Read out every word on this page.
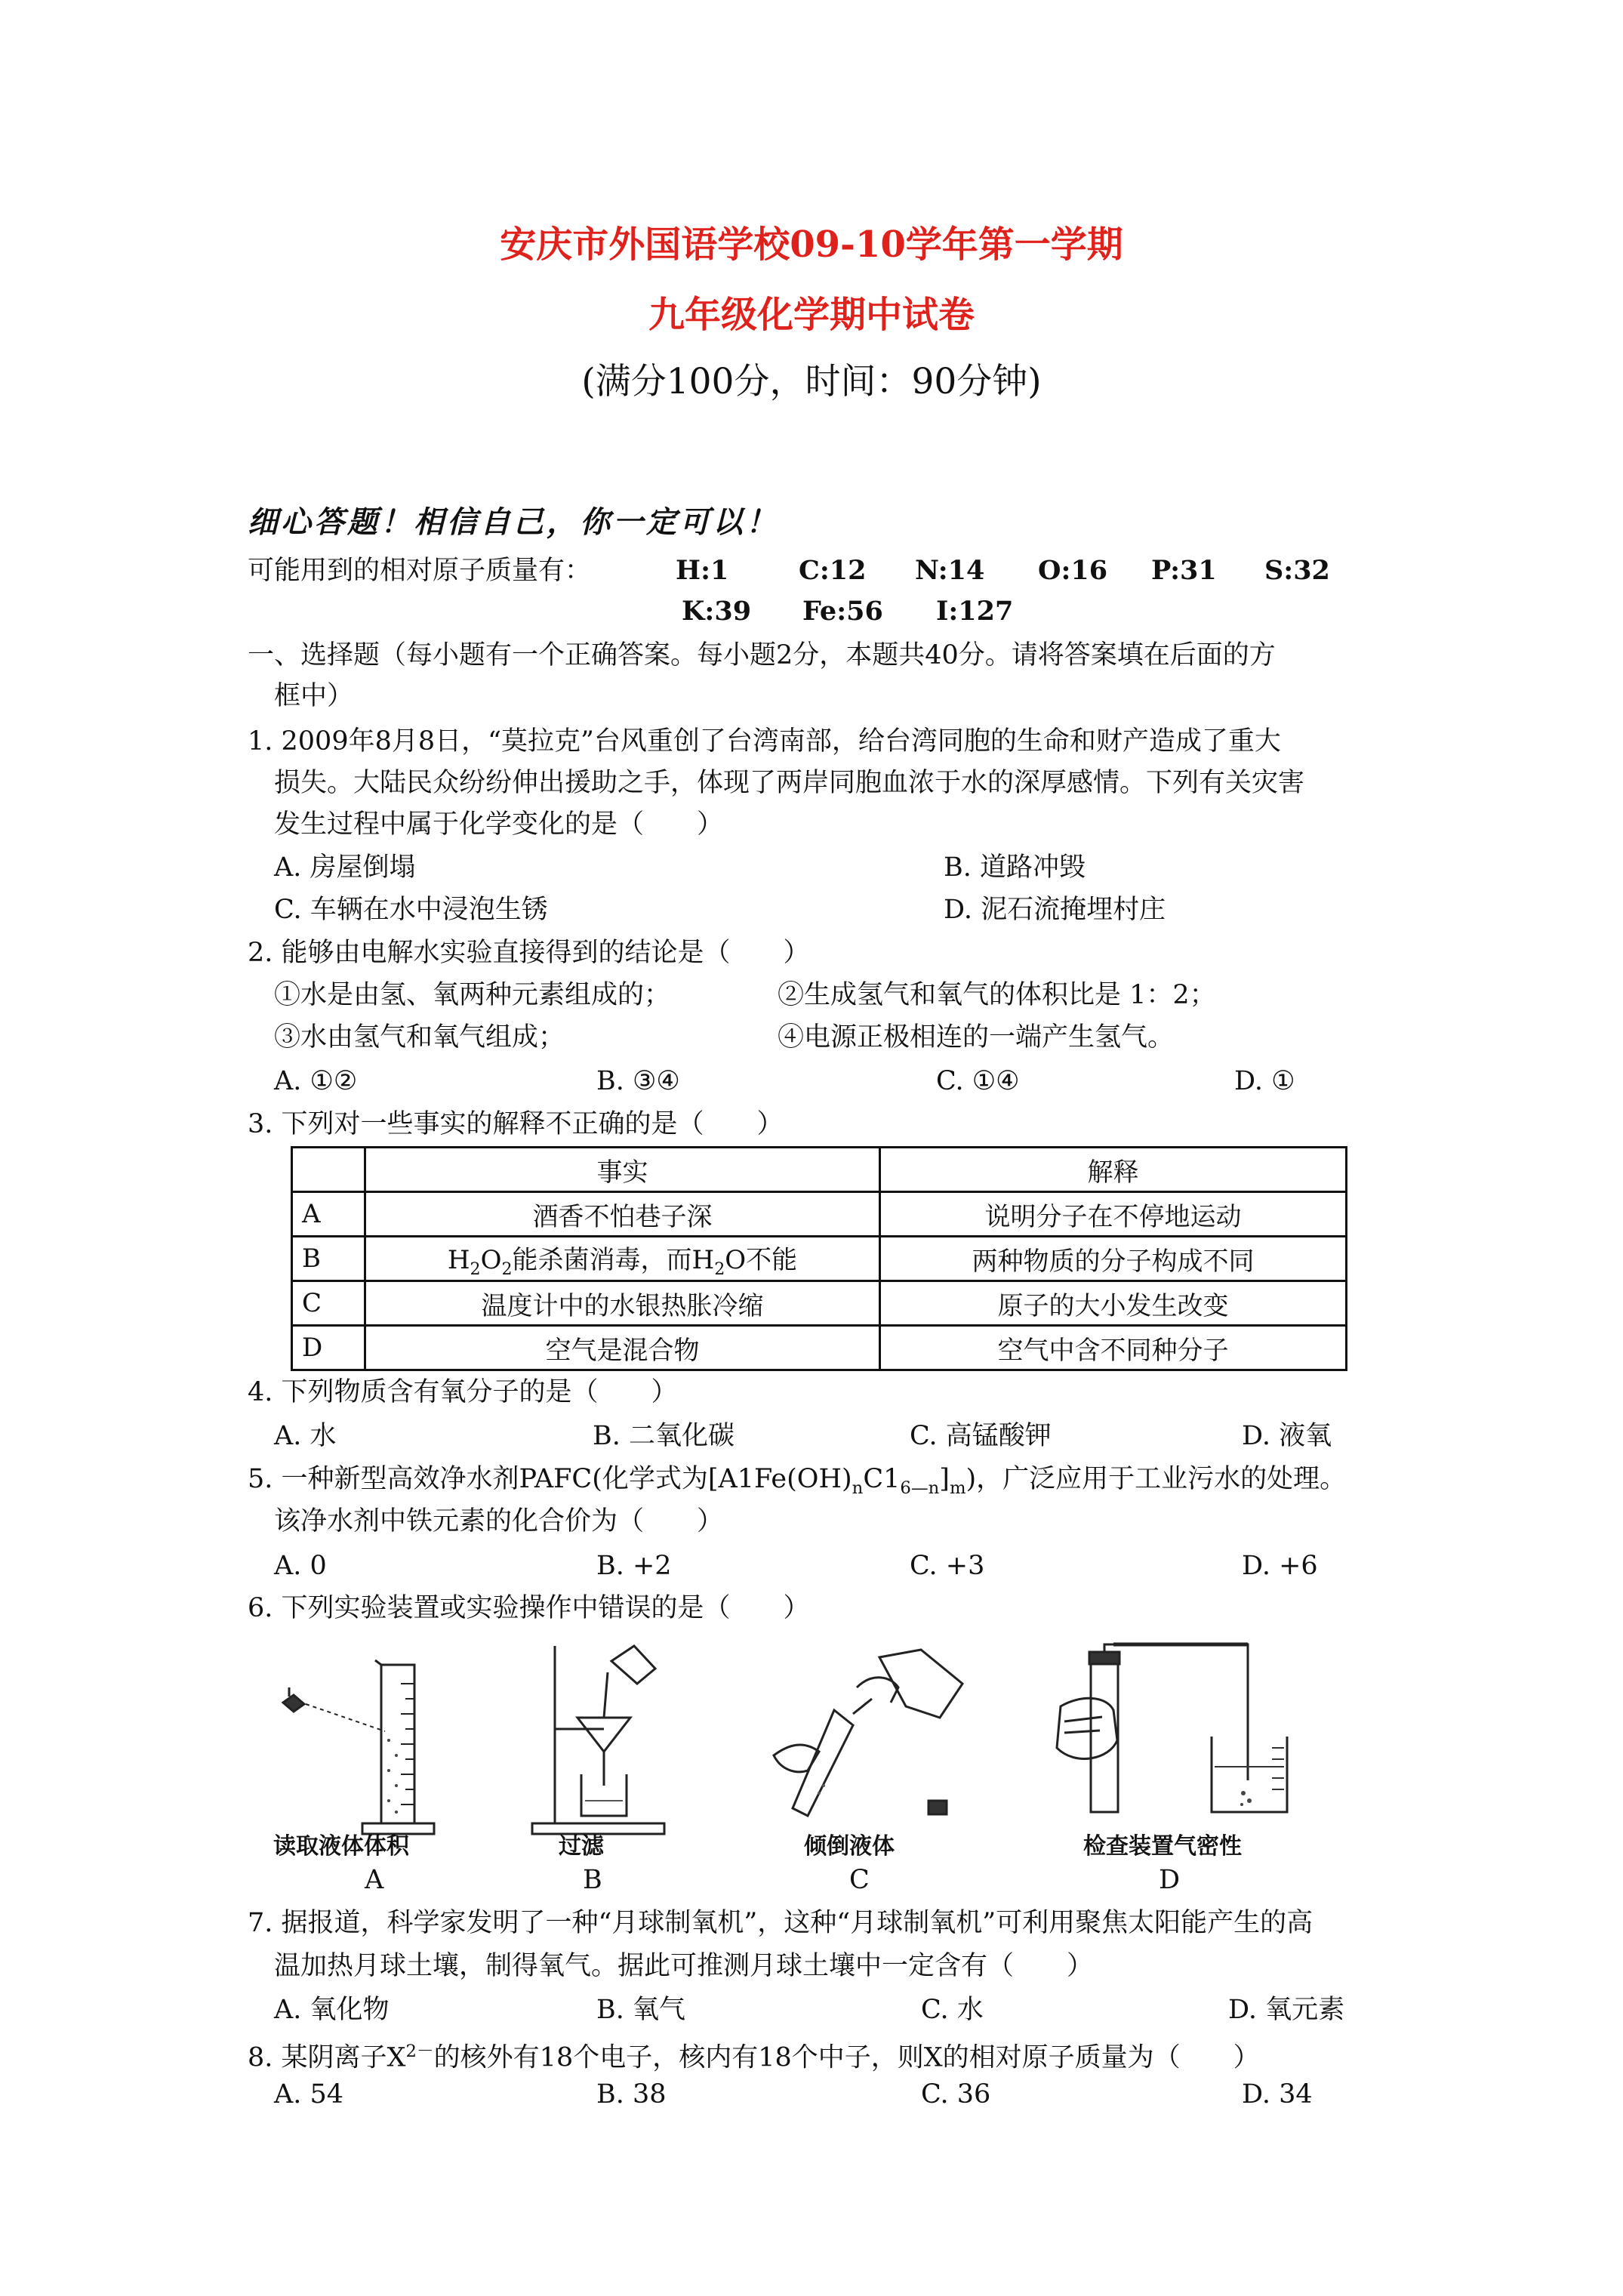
安庆市外国语学校09-10学年第一学期
九年级化学期中试卷
(满分100分，时间：90分钟)
细心答题！相信自己，你一定可以！
可能用到的相对原子质量有：	H:1	C:12 N:14 O:16 P:31 S:32
K:39 Fe:56 I:127
一、选择题（每小题有一个正确答案。每小题2分，本题共40分。请将答案填在后面的方
框中）
1. 2009年8月8日，“莫拉克”台风重创了台湾南部，给台湾同胞的生命和财产造成了重大
损失。大陆民众纷纷伸出援助之手，体现了两岸同胞血浓于水的深厚感情。下列有关灾害
发生过程中属于化学变化的是（　　）
A. 房屋倒塌	B. 道路冲毁
C. 车辆在水中浸泡生锈	D. 泥石流掩埋村庄
2. 能够由电解水实验直接得到的结论是（　　）
①水是由氢、氧两种元素组成的；	②生成氢气和氧气的体积比是 1：2；
③水由氢气和氧气组成；	④电源正极相连的一端产生氢气。
A. ①②	B. ③④	C. ①④	D. ①
3. 下列对一些事实的解释不正确的是（　　）
	事实	解释
A	酒香不怕巷子深	说明分子在不停地运动
B	$H_2O_2$能杀菌消毒，而$H_2O$不能	两种物质的分子构成不同
C	温度计中的水银热胀冷缩	原子的大小发生改变
D	空气是混合物	空气中含不同种分子
4. 下列物质含有氧分子的是（　　）
A. 水	B. 二氧化碳	C. 高锰酸钾	D. 液氧
5. 一种新型高效净水剂PAFC(化学式为$[A1Fe(OH)_nC1_{6—n}]_m$)，广泛应用于工业污水的处理。
该净水剂中铁元素的化合价为（　　）
A. 0	B. +2	C. +3	D. +6
6. 下列实验装置或实验操作中错误的是（　　）
读取液体体积	过滤	倾倒液体	检查装置气密性
A	B	C	D
7. 据报道，科学家发明了一种“月球制氧机”，这种“月球制氧机”可利用聚焦太阳能产生的高
温加热月球土壤，制得氧气。据此可推测月球土壤中一定含有（　　）
A. 氧化物	B. 氧气	C. 水	D. 氧元素
8. 某阴离子$X^{2-}$的核外有18个电子，核内有18个中子，则X的相对原子质量为（　　）
A. 54	B. 38	C. 36	D. 34
